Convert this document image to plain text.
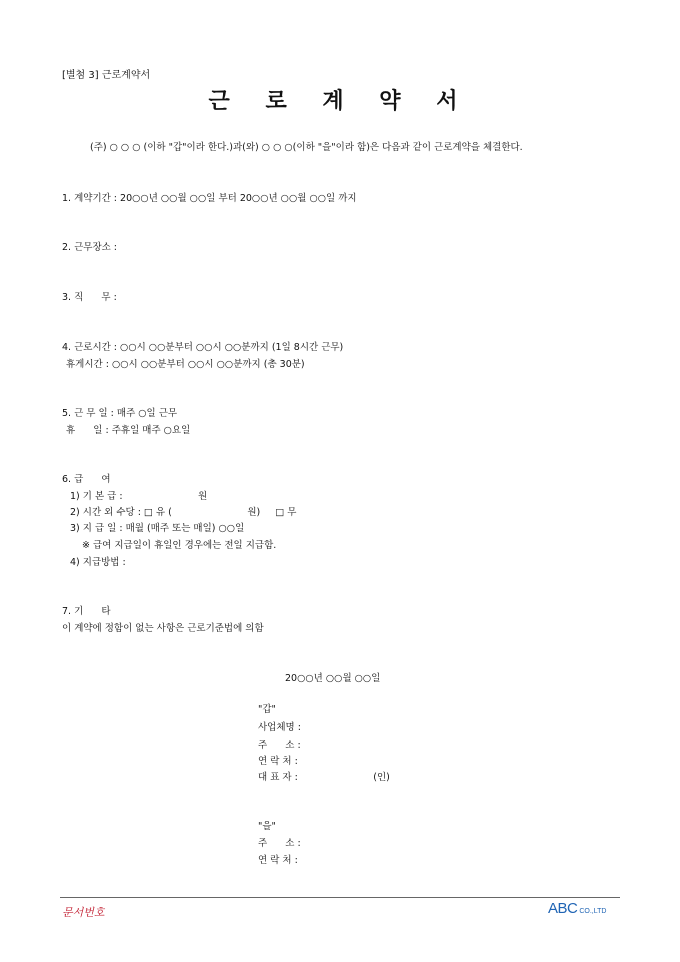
[별첨 3] 근로계약서
근 로 계 약 서
(주) ○ ○ ○ (이하 "갑"이라 한다.)과(와) ○ ○ ○(이하 "을"이라 함)은 다음과 같이 근로계약을 체결한다.
1. 계약기간 : 20○○년 ○○월 ○○일 부터 20○○년 ○○월 ○○일 까지
2. 근무장소 :
3. 직      무 :
4. 근로시간 : ○○시 ○○분부터 ○○시 ○○분까지 (1일 8시간 근무)
휴게시간 : ○○시 ○○분부터 ○○시 ○○분까지 (총 30분)
5. 근 무 일 : 매주 ○일 근무
휴      일 : 주휴일 매주 ○요일
6. 급      여
1) 기 본 급 :                         원
2) 시간 외 수당 : □ 유 (                         원)     □ 무
3) 지 급 일 : 매월 (매주 또는 매일) ○○일
※ 급여 지급일이 휴일인 경우에는 전일 지급함.
4) 지급방법 :
7. 기      타
이 계약에 정함이 없는 사항은 근로기준법에 의함
20○○년 ○○월 ○○일
"갑"
사업체명 :
주      소 :
연 락 처 :
대 표 자 :                         (인)
"을"
주      소 :
연 락 처 :
문서번호	ABC CO.,LTD
